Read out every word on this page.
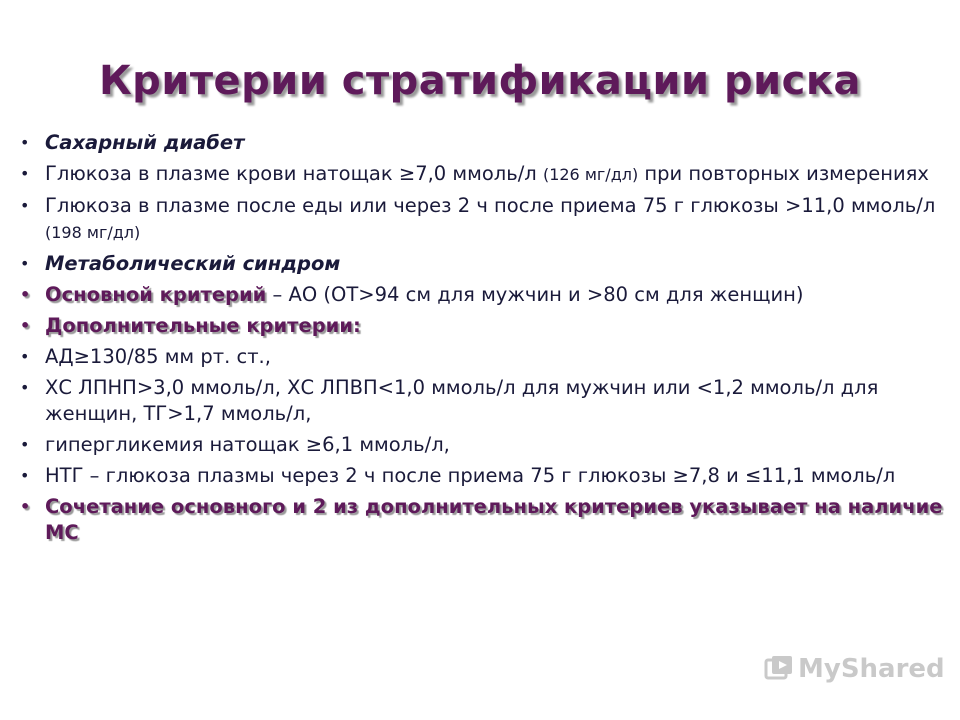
Критерии стратификации риска
• Сахарный диабет
• Глюкоза в плазме крови натощак ≥7,0 ммоль/л (126 мг/дл) при повторных измерениях
• Глюкоза в плазме после еды или через 2 ч после приема 75 г глюкозы >11,0 ммоль/л (198 мг/дл)
• Метаболический синдром
• Основной критерий – АО (ОТ>94 см для мужчин и >80 см для женщин)
• Дополнительные критерии:
• АД≥130/85 мм рт. ст.,
• ХС ЛПНП>3,0 ммоль/л, ХС ЛПВП<1,0 ммоль/л для мужчин или <1,2 ммоль/л для женщин, ТГ>1,7 ммоль/л,
• гипергликемия натощак ≥6,1 ммоль/л,
• НТГ – глюкоза плазмы через 2 ч после приема 75 г глюкозы ≥7,8 и ≤11,1 ммоль/л
• Сочетание основного и 2 из дополнительных критериев указывает на наличие МС
MyShared
